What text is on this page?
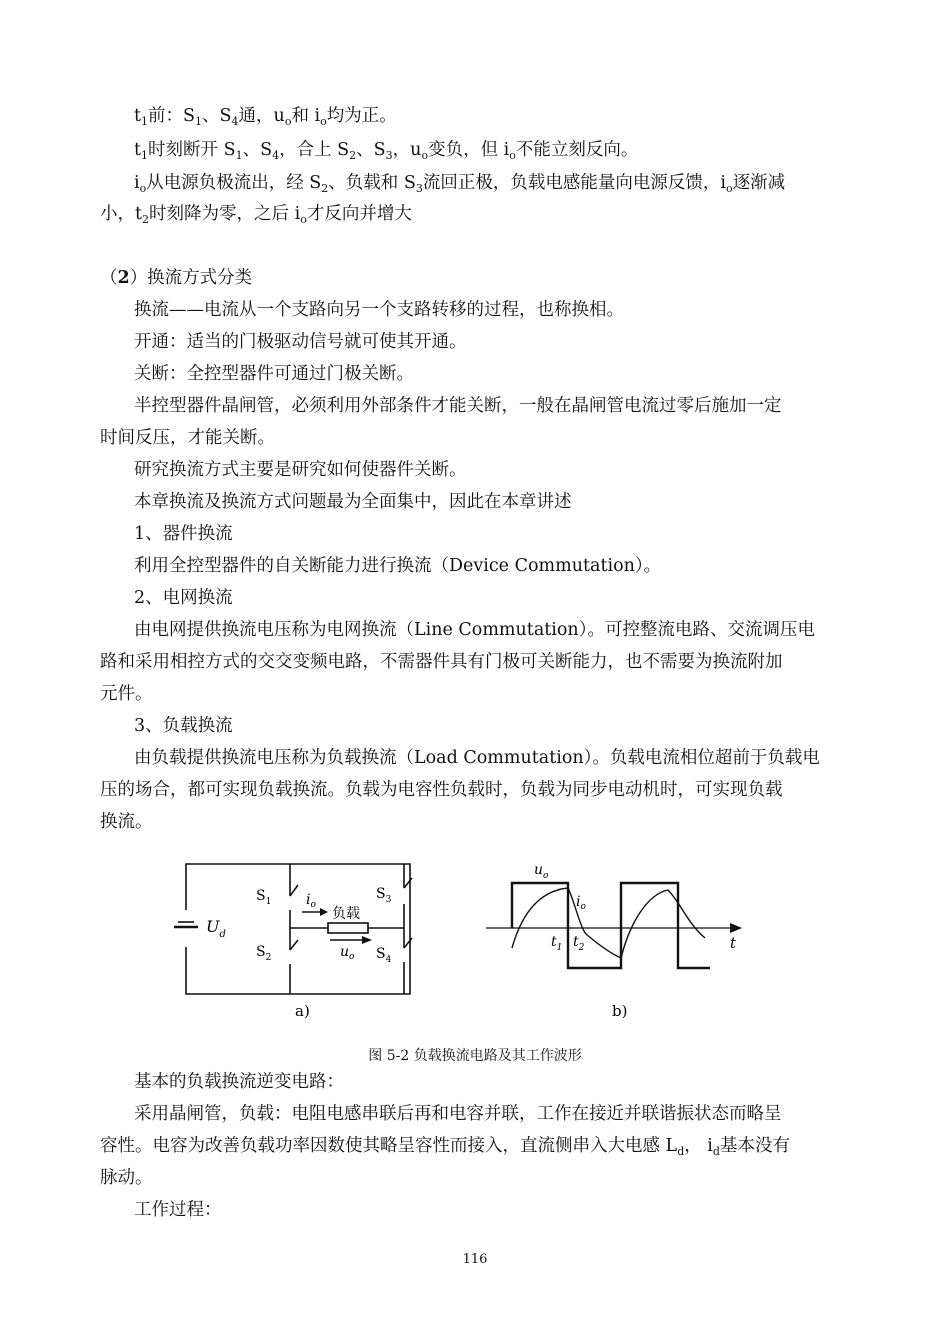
$t_1$前：$S_1$、$S_4$通，$u_o$和 $i_o$均为正。
$t_1$时刻断开 $S_1$、$S_4$，合上 $S_2$、$S_3$，$u_o$变负，但 $i_o$不能立刻反向。
$i_o$从电源负极流出，经 $S_2$、负载和 $S_3$流回正极，负载电感能量向电源反馈，$i_o$逐渐减
小，$t_2$时刻降为零，之后 $i_o$才反向并增大
（2）换流方式分类
换流——电流从一个支路向另一个支路转移的过程，也称换相。
开通：适当的门极驱动信号就可使其开通。
关断：全控型器件可通过门极关断。
半控型器件晶闸管，必须利用外部条件才能关断，一般在晶闸管电流过零后施加一定
时间反压，才能关断。
研究换流方式主要是研究如何使器件关断。
本章换流及换流方式问题最为全面集中，因此在本章讲述
1、器件换流
利用全控型器件的自关断能力进行换流（Device Commutation）。
2、电网换流
由电网提供换流电压称为电网换流（Line Commutation）。可控整流电路、交流调压电
路和采用相控方式的交交变频电路，不需器件具有门极可关断能力，也不需要为换流附加
元件。
3、负载换流
由负载提供换流电压称为负载换流（Load Commutation）。负载电流相位超前于负载电
压的场合，都可实现负载换流。负载为电容性负载时，负载为同步电动机时，可实现负载
换流。
$U_d$
$S_1$
$S_2$
$S_3$
$S_4$
$i_o$
$u_o$
负载
a)
$u_o$
$i_o$
$t_1$ $t_2$	t
b)
图 5-2 负载换流电路及其工作波形
基本的负载换流逆变电路：
采用晶闸管，负载：电阻电感串联后再和电容并联，工作在接近并联谐振状态而略呈
容性。电容为改善负载功率因数使其略呈容性而接入，直流侧串入大电感 $L_d$， $i_d$基本没有
脉动。
工作过程：
116
